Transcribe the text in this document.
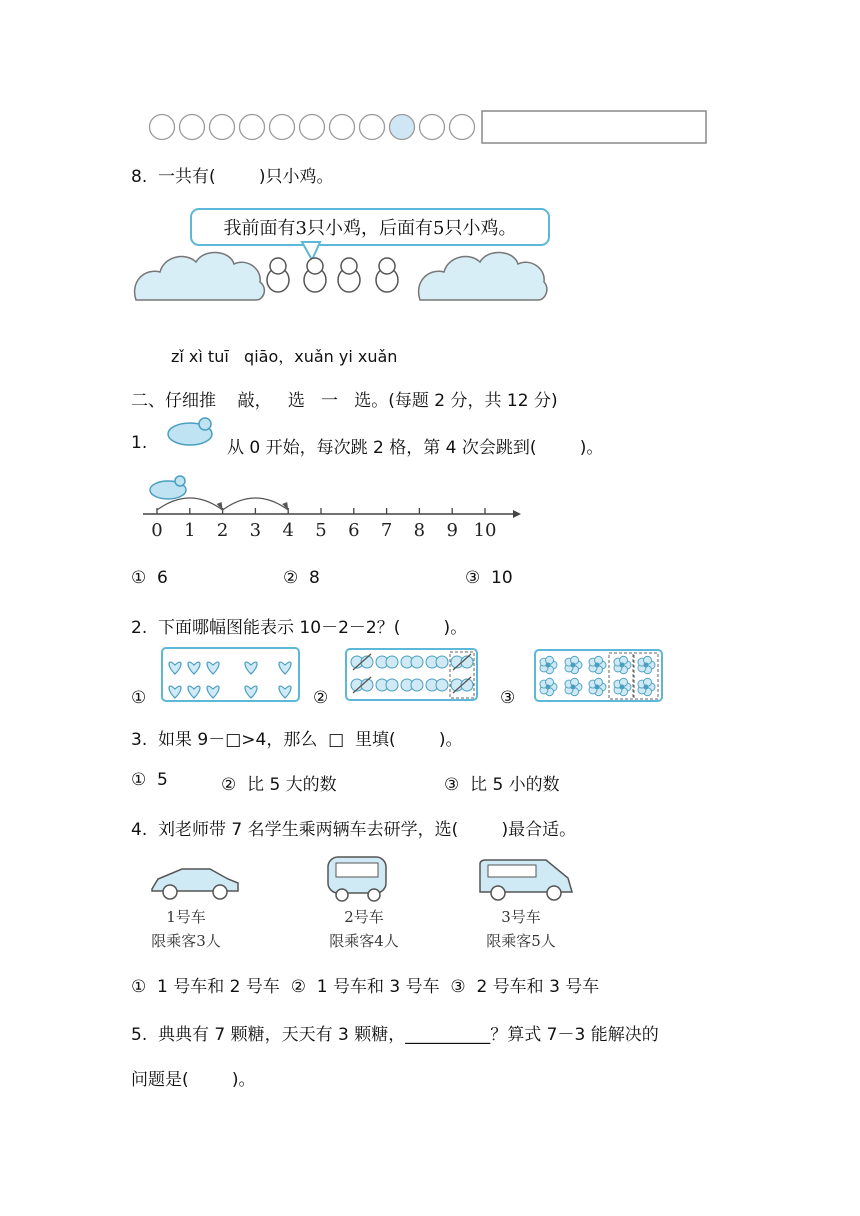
8.  一共有(        )只小鸡。
我前面有3只小鸡，后面有5只小鸡。
zǐ xì tuī   qiāo，xuǎn yi xuǎn
二、仔细推    敲，   选   一   选。(每题 2 分，共 12 分)
1.	从 0 开始，每次跳 2 格，第 4 次会跳到(        )。
0 1 2 3 4 5 6 7 8 9 10
①  6	②  8	③  10
2.  下面哪幅图能表示 10－2－2？(        )。
①	②	③
3.  如果 9－□>4，那么  □  里填(        )。
①  5	②  比 5 大的数	③  比 5 小的数
4.  刘老师带 7 名学生乘两辆车去研学，选(        )最合适。
1号车
限乘客3人
2号车
限乘客4人
3号车
限乘客5人
①  1 号车和 2 号车  ②  1 号车和 3 号车  ③  2 号车和 3 号车
5.  典典有 7 颗糖，天天有 3 颗糖，__________？算式 7－3 能解决的
问题是(        )。
